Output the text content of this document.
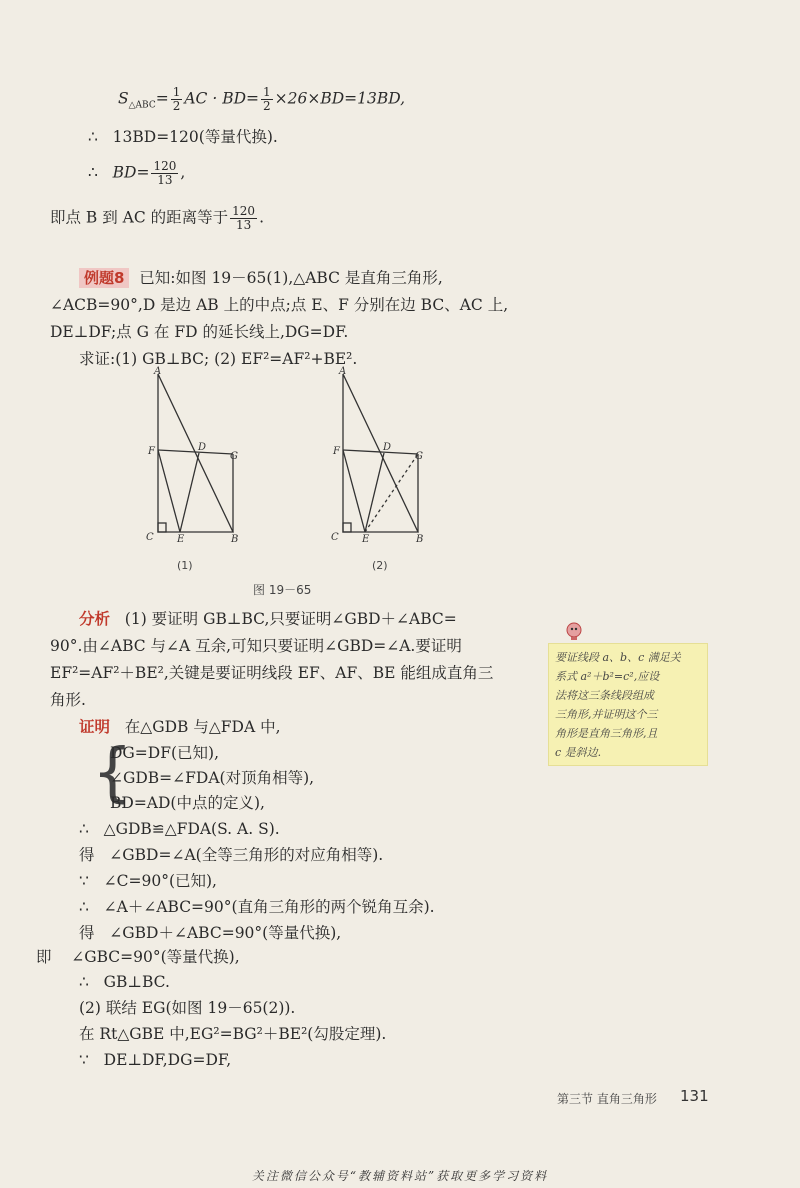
$S_{\triangle ABC}= \frac{1}{2}$ AC · $BD= \frac{1}{2} \times 26\times BD=13BD$,
∴ 13BD=120(等量代换).
∴ $BD= \frac{120}{13}$ ,
即点 B 到 AC 的距离等于 $\frac{120}{13}$ .
例题8 已知:如图 19－65(1),△ABC 是直角三角形,
∠ACB=90°,D 是边 AB 上的中点;点 E、F 分别在边 BC、AC 上,
DE⊥DF;点 G 在 FD 的延长线上,DG=DF.
求证:(1) GB⊥BC; (2) EF²=AF²+BE².
A
F	D
G
C E	B
(1)
A
F	D
G
C E	B
(2)
图 19－65
分析 (1) 要证明 GB⊥BC,只要证明∠GBD＋∠ABC=
90°.由∠ABC 与∠A 互余,可知只要证明∠GBD=∠A.要证明
EF²=AF²＋BE²,关键是要证明线段 EF、AF、BE 能组成直角三
角形.
要证线段 a、b、c 满足关
系式 a²＋b²=c²,应设
法将这三条线段组成
三角形,并证明这个三
角形是直角三角形,且
c 是斜边.
证明 在△GDB 与△FDA 中,
{
DG=DF(已知),
∠GDB=∠FDA(对顶角相等),
BD=AD(中点的定义),
∴ △GDB≌△FDA(S. A. S).
得 ∠GBD=∠A(全等三角形的对应角相等).
∵ ∠C=90°(已知),
∴ ∠A＋∠ABC=90°(直角三角形的两个锐角互余).
得 ∠GBD＋∠ABC=90°(等量代换),
即 ∠GBC=90°(等量代换),
∴ GB⊥BC.
(2) 联结 EG(如图 19－65(2)).
在 Rt△GBE 中,EG²=BG²＋BE²(勾股定理).
∵ DE⊥DF,DG=DF,
第三节 直角三角形 131
关注微信公众号“教辅资料站”获取更多学习资料
